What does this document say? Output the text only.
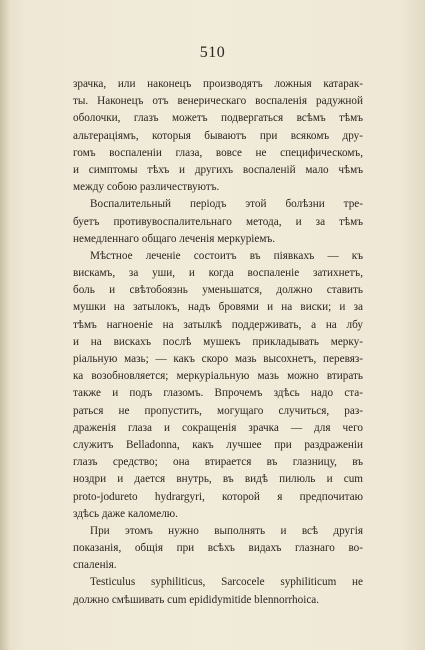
510
зрачка, или наконецъ производятъ ложныя катарак-
ты. Наконецъ отъ венерическаго воспаленія радужной
оболочки, глазъ можетъ подвергаться всѣмъ тѣмъ
альтераціямъ, которыя бываютъ при всякомъ дру-
гомъ воспаленіи глаза, вовсе не специфическомъ,
и симптомы тѣхъ и другихъ воспаленій мало чѣмъ
между собою различествуютъ.
Воспалительный періодъ этой болѣзни тре-
буетъ противувоспалительнаго метода, и за тѣмъ
немедленнаго общаго леченія меркуріемъ.
Мѣстное леченіе состоитъ въ піявкахъ — къ
вискамъ, за уши, и когда воспаленіе затихнетъ,
боль и свѣтобоязнь уменьшатся, должно ставить
мушки на затылокъ, надъ бровями и на виски; и за
тѣмъ нагноеніе на затылкѣ поддерживать, а на лбу
и на вискахъ послѣ мушекъ прикладывать мерку-
ріальную мазь; — какъ скоро мазь высохнетъ, перевяз-
ка возобновляется; меркуріальную мазь можно втирать
также и подъ глазомъ. Впрочемъ здѣсь надо ста-
раться не пропустить, могущаго случиться, раз-
драженія глаза и сокращенія зрачка — для чего
служитъ Belladonna, какъ лучшее при раздраженіи
глазъ средство; она втирается въ глазницу, въ
ноздри и дается внутрь, въ видѣ пилюль и cum
proto-joduretо hydrargyri, которой я предпочитаю
здѣсь даже каломелю.
При этомъ нужно выполнять и всѣ другія
показанія, общія при всѣхъ видахъ глазнаго во-
спаленія.
Testiculus syphiliticus, Sarcocele syphiliticum не
должно смѣшивать cum epididymitide blennorrhoica.
